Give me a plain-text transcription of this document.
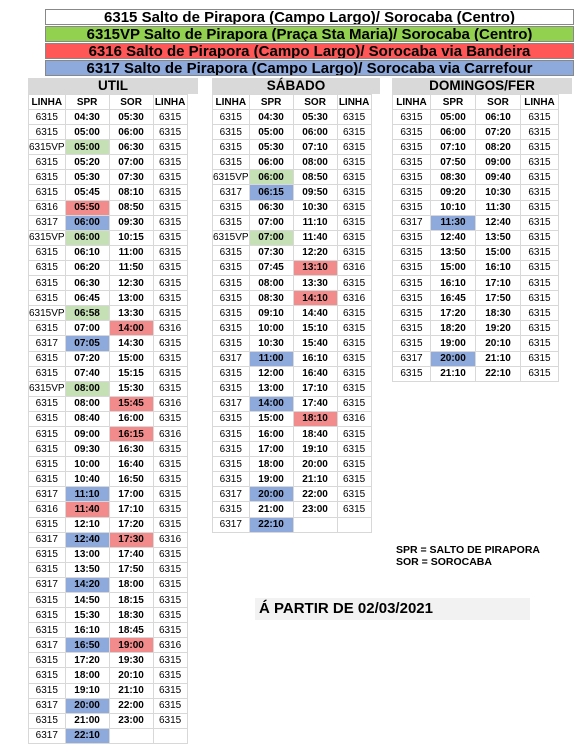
6315 Salto de Pirapora (Campo Largo)/ Sorocaba (Centro)
6315VP Salto de Pirapora (Praça Sta Maria)/ Sorocaba (Centro)
6316 Salto de Pirapora (Campo Largo)/ Sorocaba via Bandeira
6317 Salto de Pirapora (Campo Largo)/ Sorocaba via Carrefour
UTIL
LINHA	SPR	SOR	LINHA
6315	04:30	05:30	6315
6315	05:00	06:00	6315
6315VP	05:00	06:30	6315
6315	05:20	07:00	6315
6315	05:30	07:30	6315
6315	05:45	08:10	6315
6316	05:50	08:50	6315
6317	06:00	09:30	6315
6315VP	06:00	10:15	6315
6315	06:10	11:00	6315
6315	06:20	11:50	6315
6315	06:30	12:30	6315
6315	06:45	13:00	6315
6315VP	06:58	13:30	6315
6315	07:00	14:00	6316
6317	07:05	14:30	6315
6315	07:20	15:00	6315
6315	07:40	15:15	6315
6315VP	08:00	15:30	6315
6315	08:00	15:45	6316
6315	08:40	16:00	6315
6315	09:00	16:15	6316
6315	09:30	16:30	6315
6315	10:00	16:40	6315
6315	10:40	16:50	6315
6317	11:10	17:00	6315
6316	11:40	17:10	6315
6315	12:10	17:20	6315
6317	12:40	17:30	6316
6315	13:00	17:40	6315
6315	13:50	17:50	6315
6317	14:20	18:00	6315
6315	14:50	18:15	6315
6315	15:30	18:30	6315
6315	16:10	18:45	6315
6317	16:50	19:00	6316
6315	17:20	19:30	6315
6315	18:00	20:10	6315
6315	19:10	21:10	6315
6317	20:00	22:00	6315
6315	21:00	23:00	6315
6317	22:10		
SÁBADO
LINHA	SPR	SOR	LINHA
6315	04:30	05:30	6315
6315	05:00	06:00	6315
6315	05:30	07:10	6315
6315	06:00	08:00	6315
6315VP	06:00	08:50	6315
6317	06:15	09:50	6315
6315	06:30	10:30	6315
6315	07:00	11:10	6315
6315VP	07:00	11:40	6315
6315	07:30	12:20	6315
6315	07:45	13:10	6316
6315	08:00	13:30	6315
6315	08:30	14:10	6316
6315	09:10	14:40	6315
6315	10:00	15:10	6315
6315	10:30	15:40	6315
6317	11:00	16:10	6315
6315	12:00	16:40	6315
6315	13:00	17:10	6315
6317	14:00	17:40	6315
6315	15:00	18:10	6316
6315	16:00	18:40	6315
6315	17:00	19:10	6315
6315	18:00	20:00	6315
6315	19:00	21:10	6315
6317	20:00	22:00	6315
6315	21:00	23:00	6315
6317	22:10		
DOMINGOS/FER
LINHA	SPR	SOR	LINHA
6315	05:00	06:10	6315
6315	06:00	07:20	6315
6315	07:10	08:20	6315
6315	07:50	09:00	6315
6315	08:30	09:40	6315
6315	09:20	10:30	6315
6315	10:10	11:30	6315
6317	11:30	12:40	6315
6315	12:40	13:50	6315
6315	13:50	15:00	6315
6315	15:00	16:10	6315
6315	16:10	17:10	6315
6315	16:45	17:50	6315
6315	17:20	18:30	6315
6315	18:20	19:20	6315
6315	19:00	20:10	6315
6317	20:00	21:10	6315
6315	21:10	22:10	6315
SPR = SALTO DE PIRAPORA
SOR = SOROCABA
Á PARTIR DE 02/03/2021
